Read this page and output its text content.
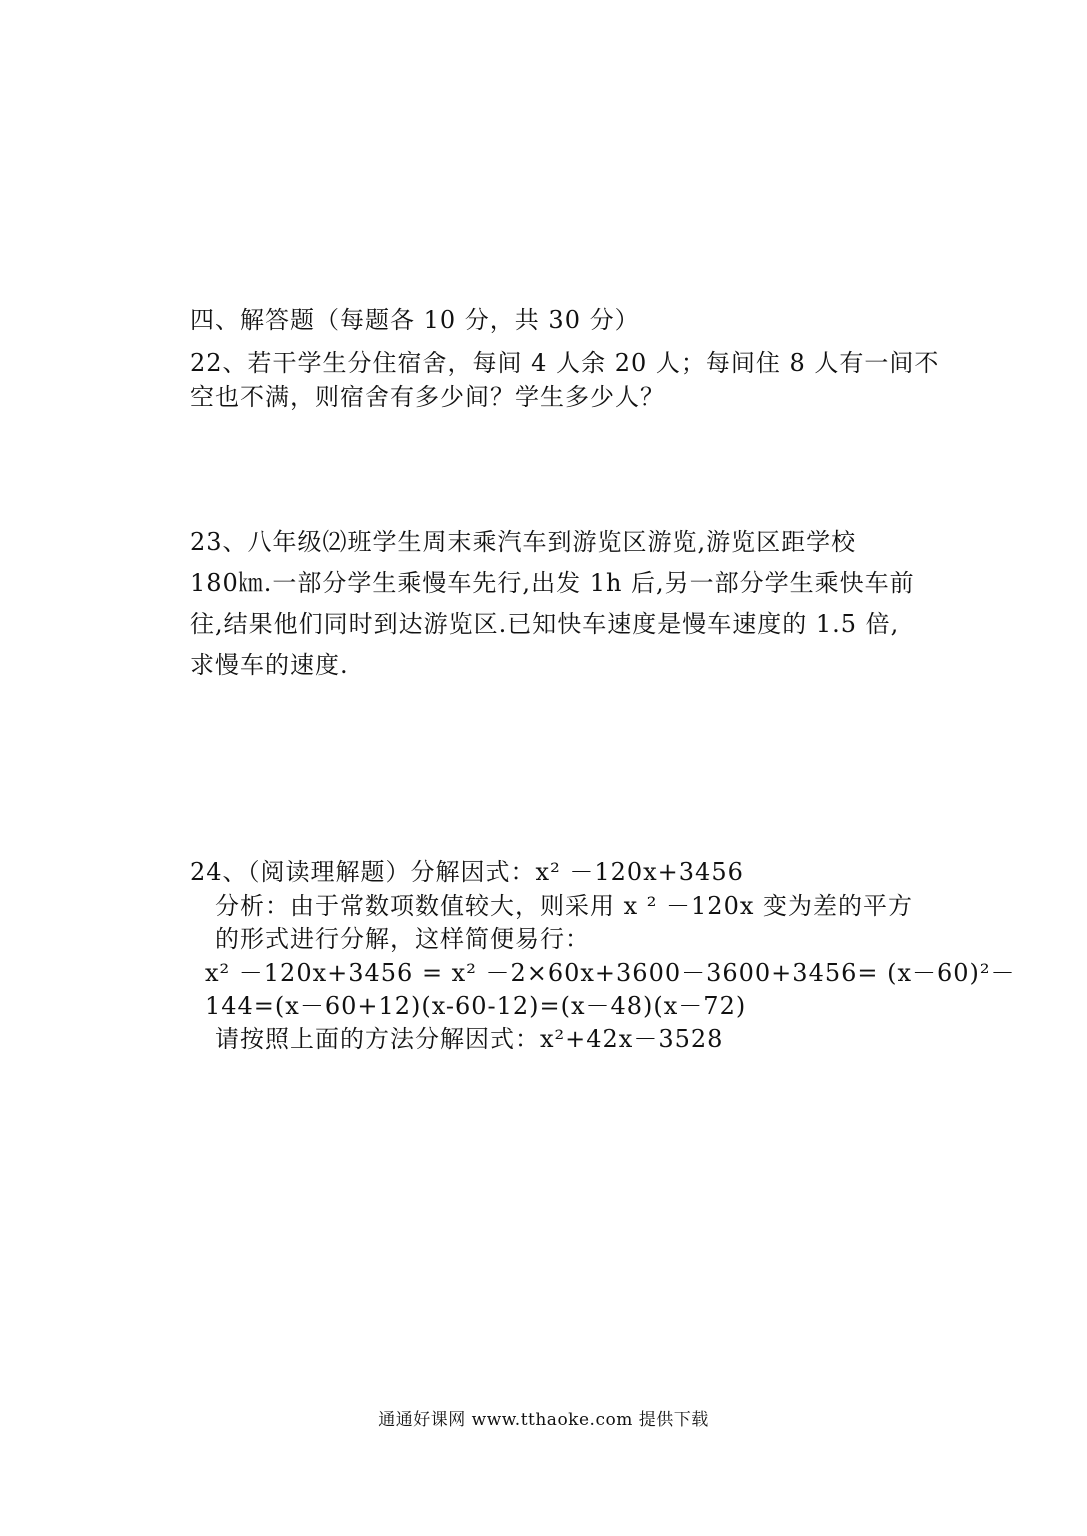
四、解答题（每题各 10 分，共 30 分）
22、若干学生分住宿舍，每间 4 人余 20 人；每间住 8 人有一间不
空也不满，则宿舍有多少间？学生多少人？
23、八年级⑵班学生周末乘汽车到游览区游览,游览区距学校
180㎞.一部分学生乘慢车先行,出发 1h 后,另一部分学生乘快车前
往,结果他们同时到达游览区.已知快车速度是慢车速度的 1.5 倍,
求慢车的速度.
24、（阅读理解题）分解因式：x² －120x+3456
分析：由于常数项数值较大，则采用 x ² －120x 变为差的平方
的形式进行分解，这样简便易行：
x² －120x+3456 = x² －2×60x+3600－3600+3456= (x－60)²－
144=(x－60+12)(x-60-12)=(x－48)(x－72)
请按照上面的方法分解因式：x²+42x－3528
通通好课网 www.tthaoke.com 提供下载
